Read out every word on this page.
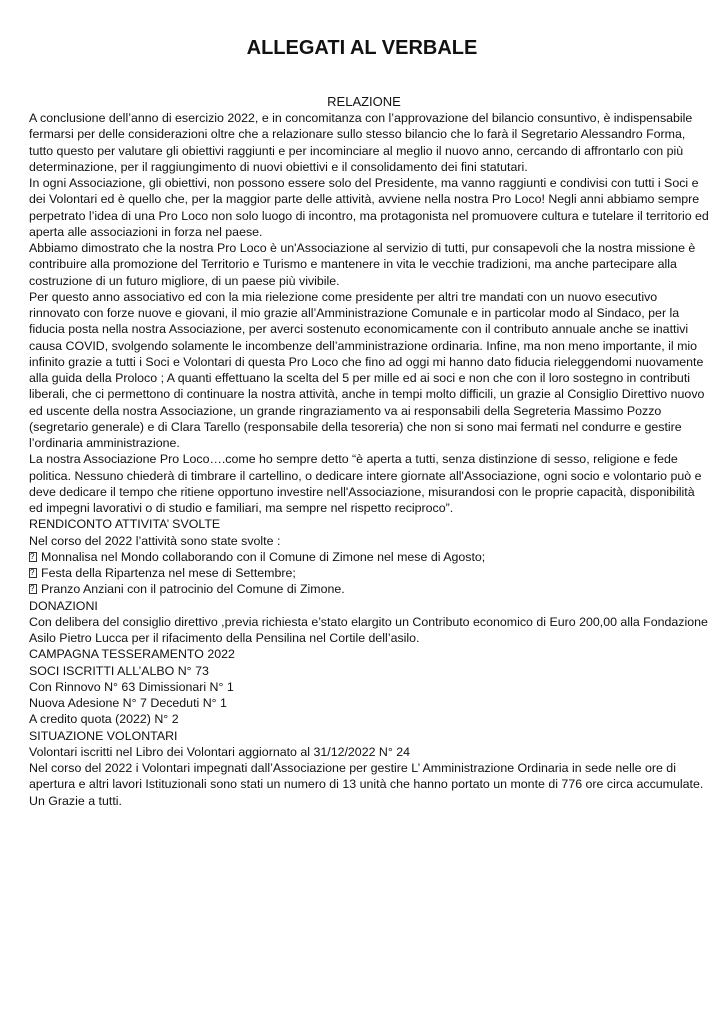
ALLEGATI AL VERBALE
RELAZIONE

A conclusione dell’anno di esercizio 2022, e in concomitanza con l’approvazione del bilancio consuntivo, è indispensabile fermarsi per delle considerazioni oltre che a relazionare sullo stesso bilancio che lo farà il Segretario Alessandro Forma, tutto questo per valutare gli obiettivi raggiunti e per incominciare al meglio il nuovo anno, cercando di affrontarlo con più determinazione, per il raggiungimento di nuovi obiettivi e il consolidamento dei fini statutari.

In ogni Associazione, gli obiettivi, non possono essere solo del Presidente, ma vanno raggiunti e condivisi con tutti i Soci e dei Volontari ed è quello che, per la maggior parte delle attività, avviene nella nostra Pro Loco! Negli anni abbiamo sempre perpetrato l’idea di una Pro Loco non solo luogo di incontro, ma protagonista nel promuovere cultura e tutelare il territorio ed aperta alle associazioni in forza nel paese.

Abbiamo dimostrato che la nostra Pro Loco è un'Associazione al servizio di tutti, pur consapevoli che la nostra missione è contribuire alla promozione del Territorio e Turismo e mantenere in vita le vecchie tradizioni, ma anche partecipare alla costruzione di un futuro migliore, di un paese più vivibile.

Per questo anno associativo ed con la mia rielezione come presidente per altri tre mandati con un nuovo esecutivo rinnovato con forze nuove e giovani, il mio grazie all’Amministrazione Comunale e in particolar modo al Sindaco, per la fiducia posta nella nostra Associazione, per averci sostenuto economicamente con il contributo annuale anche se inattivi causa COVID, svolgendo solamente le incombenze dell’amministrazione ordinaria. Infine, ma non meno importante, il mio infinito grazie a tutti i Soci e Volontari di questa Pro Loco che fino ad oggi mi hanno dato fiducia rieleggendomi nuovamente alla guida della Proloco ; A quanti effettuano la scelta del 5 per mille ed ai soci e non che con il loro sostegno in contributi liberali, che ci permettono di continuare la nostra attività, anche in tempi molto difficili, un grazie al Consiglio Direttivo nuovo ed uscente della nostra Associazione, un grande ringraziamento va ai responsabili della Segreteria Massimo Pozzo (segretario generale) e di Clara Tarello (responsabile della tesoreria) che non si sono mai fermati nel condurre e gestire l’ordinaria amministrazione.

La nostra Associazione Pro Loco….come ho sempre detto “è aperta a tutti, senza distinzione di sesso, religione e fede politica. Nessuno chiederà di timbrare il cartellino, o dedicare intere giornate all'Associazione, ogni socio e volontario può e deve dedicare il tempo che ritiene opportuno investire nell'Associazione, misurandosi con le proprie capacità, disponibilità ed impegni lavorativi o di studio e familiari, ma sempre nel rispetto reciproco”.

RENDICONTO ATTIVITA’ SVOLTE
Nel corso del 2022 l’attività sono state svolte :
?Monnalisa nel Mondo collaborando con il Comune di Zimone nel mese di Agosto;
?Festa della Ripartenza nel mese di Settembre;
?Pranzo Anziani con il patrocinio del Comune di Zimone.
DONAZIONI

Con delibera del consiglio direttivo ,previa richiesta e’stato elargito un Contributo economico di Euro 200,00 alla Fondazione Asilo Pietro Lucca per il rifacimento della Pensilina nel Cortile dell’asilo.

CAMPAGNA TESSERAMENTO 2022
SOCI ISCRITTI ALL’ALBO N° 73
Con Rinnovo N° 63 Dimissionari N° 1
Nuova Adesione N° 7 Deceduti N° 1
A credito quota (2022) N° 2
SITUAZIONE VOLONTARI
Volontari iscritti nel Libro dei Volontari aggiornato al 31/12/2022 N° 24

Nel corso del 2022 i Volontari impegnati dall’Associazione per gestire L’ Amministrazione Ordinaria in sede nelle ore di apertura e altri lavori Istituzionali sono stati un numero di 13 unità che hanno portato un monte di 776 ore circa accumulate.

Un Grazie a tutti.
